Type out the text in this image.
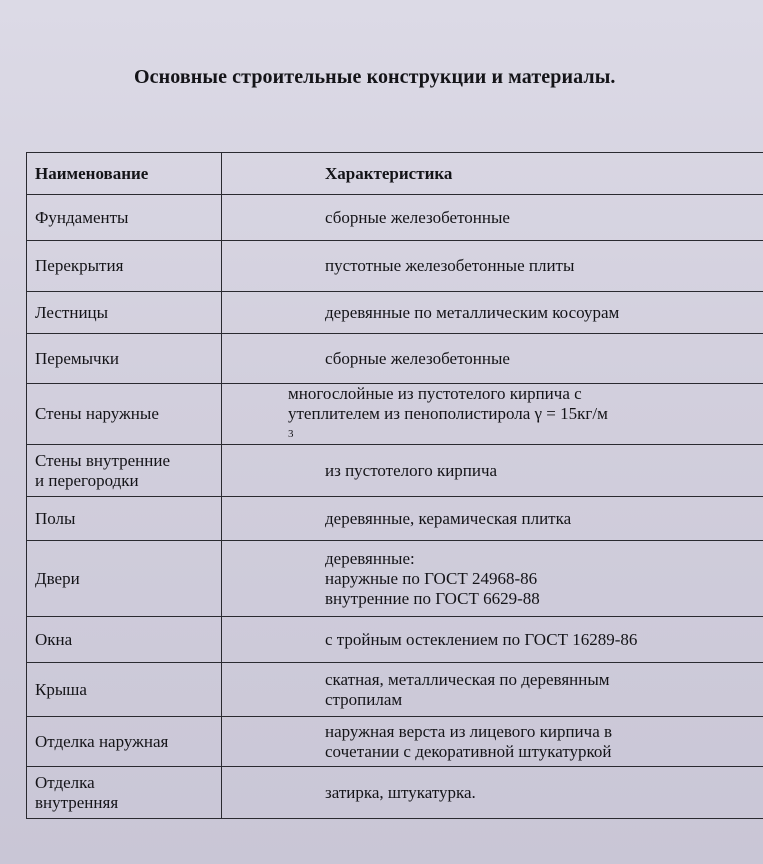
Основные строительные конструкции и материалы.
Наименование	Характеристика
Фундаменты	сборные железобетонные
Перекрытия	пустотные железобетонные плиты
Лестницы	деревянные по металлическим косоурам
Перемычки	сборные железобетонные
Стены наружные	многослойные из пустотелого кирпича с
утеплителем из пенополистирола γ = 15кг/м
3

Стены внутренние
и перегородки	из пустотелого кирпича
Полы	деревянные, керамическая плитка
Двери	деревянные:
наружные по ГОСТ 24968-86
внутренние по ГОСТ 6629-88

Окна	с тройным остеклением по ГОСТ 16289-86
Крыша	скатная, металлическая по деревянным
стропилам

Отделка наружная	наружная верста из лицевого кирпича в
сочетании с декоративной штукатуркой

Отделка
внутренняя	затирка, штукатурка.
